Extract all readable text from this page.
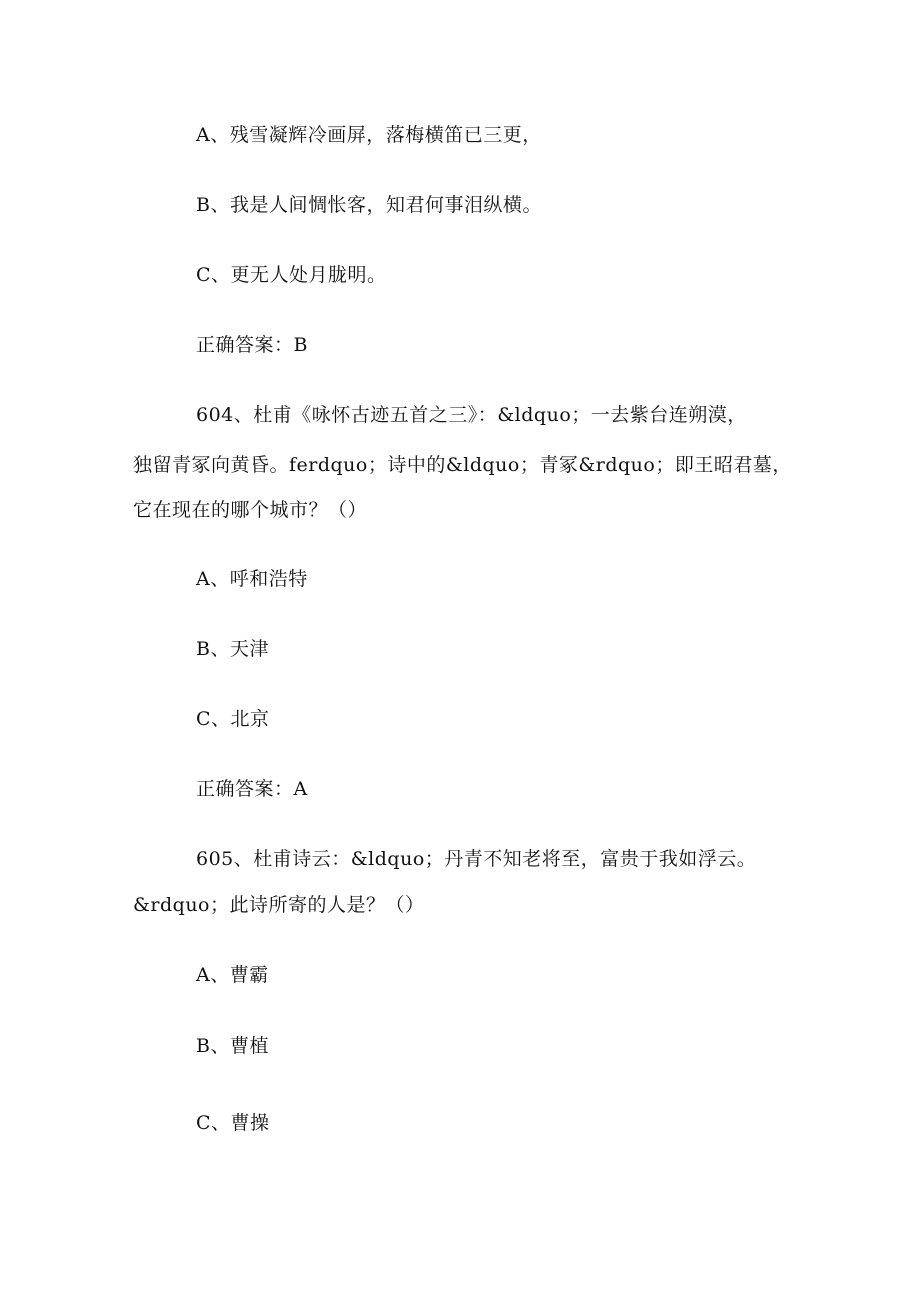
A、残雪凝辉冷画屏，落梅横笛已三更，
B、我是人间惆怅客，知君何事泪纵横。
C、更无人处月胧明。
正确答案：B
604、杜甫《咏怀古迹五首之三》：&ldquo；一去紫台连朔漠，
独留青冢向黄昏。ferdquo；诗中的&ldquo；青冢&rdquo；即王昭君墓，
它在现在的哪个城市？（）
A、呼和浩特
B、天津
C、北京
正确答案：A
605、杜甫诗云：&ldquo；丹青不知老将至，富贵于我如浮云。
&rdquo；此诗所寄的人是？（）
A、曹霸
B、曹植
C、曹操
